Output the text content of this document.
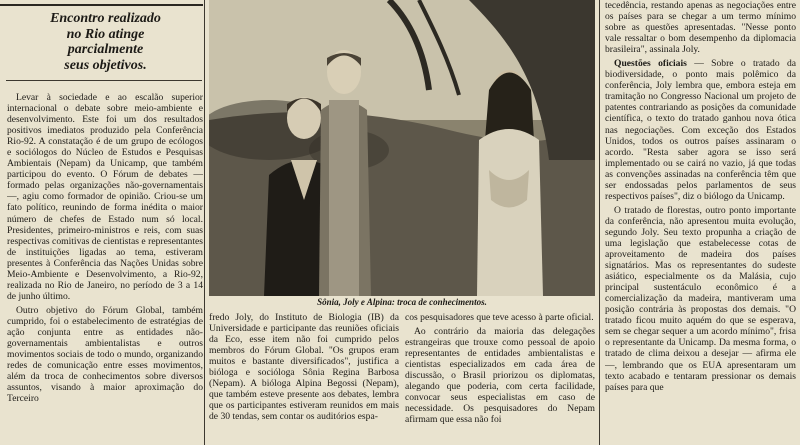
Encontro realizado
no Rio atinge
parcialmente
seus objetivos.

Levar à sociedade e ao escalão superior internacional o debate sobre meio-ambiente e desenvolvimento. Este foi um dos resultados positivos imediatos produzido pela Conferência Rio-92. A constatação é de um grupo de ecólogos e sociólogos do Núcleo de Estudos e Pesquisas Ambientais (Nepam) da Unicamp, que também participou do evento. O Fórum de debates — formado pelas organizações não-governamentais —, agiu como formador de opinião. Criou-se um fato político, reunindo de forma inédita o maior número de chefes de Estado num só local. Presidentes, primeiro-ministros e reis, com suas respectivas comitivas de cientistas e representantes de instituições ligadas ao tema, estiveram presentes à Conferência das Nações Unidas sobre Meio-Ambiente e Desenvolvimento, a Rio-92, realizada no Rio de Janeiro, no período de 3 a 14 de junho último.

Outro objetivo do Fórum Global, também cumprido, foi o estabelecimento de estratégias de ação conjunta entre as entidades não-governamentais ambientalistas e outros movimentos sociais de todo o mundo, organizando redes de comunicação entre esses movimentos, além da troca de conhecimentos sobre diversos assuntos, visando à maior aproximação do Terceiro

Sônia, Joly e Alpina: troca de conhecimentos.

fredo Joly, do Instituto de Biologia (IB) da Universidade e participante das reuniões oficiais da Eco, esse item não foi cumprido pelos membros do Fórum Global. "Os grupos eram muitos e bastante diversificados", justifica a bióloga e socióloga Sônia Regina Barbosa (Nepam). A bióloga Alpina Begossi (Nepam), que também esteve presente aos debates, lembra que os participantes estiveram reunidos em mais de 30 tendas, sem contar os auditórios espa-

cos pesquisadores que teve acesso à parte oficial.

Ao contrário da maioria das delegações estrangeiras que trouxe como pessoal de apoio representantes de entidades ambientalistas e cientistas especializados em cada área de discussão, o Brasil priorizou os diplomatas, alegando que poderia, com certa facilidade, convocar seus especialistas em caso de necessidade. Os pesquisadores do Nepam afirmam que essa não foi

tecedência, restando apenas as negociações entre os países para se chegar a um termo mínimo sobre as questões apresentadas. "Nesse ponto vale ressaltar o bom desempenho da diplomacia brasileira", assinala Joly.

Questões oficiais — Sobre o tratado da biodiversidade, o ponto mais polêmico da conferência, Joly lembra que, embora esteja em tramitação no Congresso Nacional um projeto de patentes contrariando as posições da comunidade científica, o texto do tratado ganhou nova ótica nas negociações. Com exceção dos Estados Unidos, todos os outros países assinaram o acordo. "Resta saber agora se isso será implementado ou se cairá no vazio, já que todas as convenções assinadas na conferência têm que ser endossadas pelos parlamentos de seus respectivos países", diz o biólogo da Unicamp.

O tratado de florestas, outro ponto importante da conferência, não apresentou muita evolução, segundo Joly. Seu texto propunha a criação de uma legislação que estabelecesse cotas de aproveitamento de madeira dos países signatários. Mas os representantes do sudeste asiático, especialmente os da Malásia, cujo principal sustentáculo econômico é a comercialização da madeira, mantiveram uma posição contrária às propostas dos demais. "O tratado ficou muito aquém do que se esperava, sem se chegar sequer a um acordo mínimo", frisa o representante da Unicamp. Da mesma forma, o tratado de clima deixou a desejar — afirma ele —, lembrando que os EUA apresentaram um texto acabado e tentaram pressionar os demais países para que
